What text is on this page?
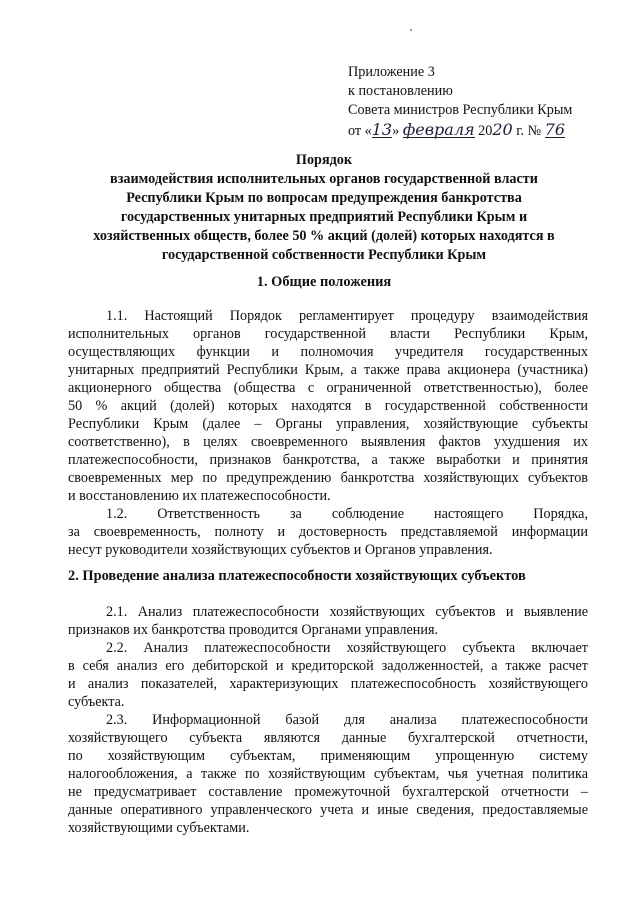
Приложение 3
к постановлению
Совета министров Республики Крым
от «13» февраля 2020 г. № 76
Порядок
взаимодействия исполнительных органов государственной власти
Республики Крым по вопросам предупреждения банкротства
государственных унитарных предприятий Республики Крым и
хозяйственных обществ, более 50 % акций (долей) которых находятся в
государственной собственности Республики Крым
1. Общие положения
1.1. Настоящий Порядок регламентирует процедуру взаимодействия
исполнительных органов государственной власти Республики Крым,
осуществляющих функции и полномочия учредителя государственных
унитарных предприятий Республики Крым, а также права акционера (участника)
акционерного общества (общества с ограниченной ответственностью), более
50 % акций (долей) которых находятся в государственной собственности
Республики Крым (далее – Органы управления, хозяйствующие субъекты
соответственно), в целях своевременного выявления фактов ухудшения их
платежеспособности, признаков банкротства, а также выработки и принятия
своевременных мер по предупреждению банкротства хозяйствующих субъектов
и восстановлению их платежеспособности.
1.2. Ответственность за соблюдение настоящего Порядка,
за своевременность, полноту и достоверность представляемой информации
несут руководители хозяйствующих субъектов и Органов управления.
2. Проведение анализа платежеспособности хозяйствующих субъектов
2.1. Анализ платежеспособности хозяйствующих субъектов и выявление
признаков их банкротства проводится Органами управления.
2.2. Анализ платежеспособности хозяйствующего субъекта включает
в себя анализ его дебиторской и кредиторской задолженностей, а также расчет
и анализ показателей, характеризующих платежеспособность хозяйствующего
субъекта.
2.3. Информационной базой для анализа платежеспособности
хозяйствующего субъекта являются данные бухгалтерской отчетности,
по хозяйствующим субъектам, применяющим упрощенную систему
налогообложения, а также по хозяйствующим субъектам, чья учетная политика
не предусматривает составление промежуточной бухгалтерской отчетности –
данные оперативного управленческого учета и иные сведения, предоставляемые
хозяйствующими субъектами.
